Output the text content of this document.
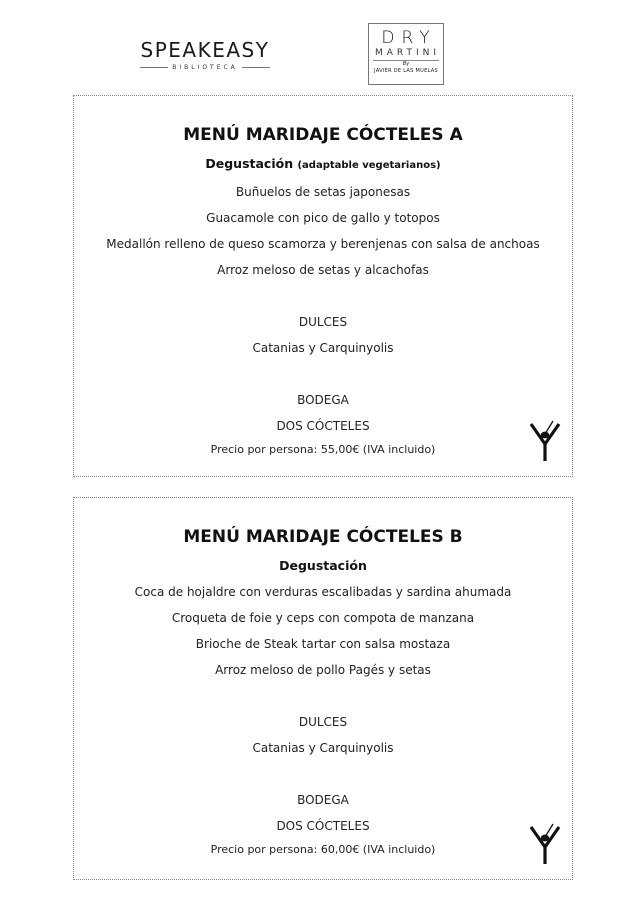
SPEAKEASY
BIBLIOTECA
DRY
MARTINI
By
JAVIER DE LAS MUELAS
MENÚ MARIDAJE CÓCTELES A
Degustación (adaptable vegetarianos)
Buñuelos de setas japonesas
Guacamole con pico de gallo y totopos
Medallón relleno de queso scamorza y berenjenas con salsa de anchoas
Arroz meloso de setas y alcachofas
DULCES
Catanias y Carquinyolis
BODEGA
DOS CÓCTELES
Precio por persona: 55,00€ (IVA incluido)
MENÚ MARIDAJE CÓCTELES B
Degustación
Coca de hojaldre con verduras escalibadas y sardina ahumada
Croqueta de foie y ceps con compota de manzana
Brioche de Steak tartar con salsa mostaza
Arroz meloso de pollo Pagés y setas
DULCES
Catanias y Carquinyolis
BODEGA
DOS CÓCTELES
Precio por persona: 60,00€ (IVA incluido)
